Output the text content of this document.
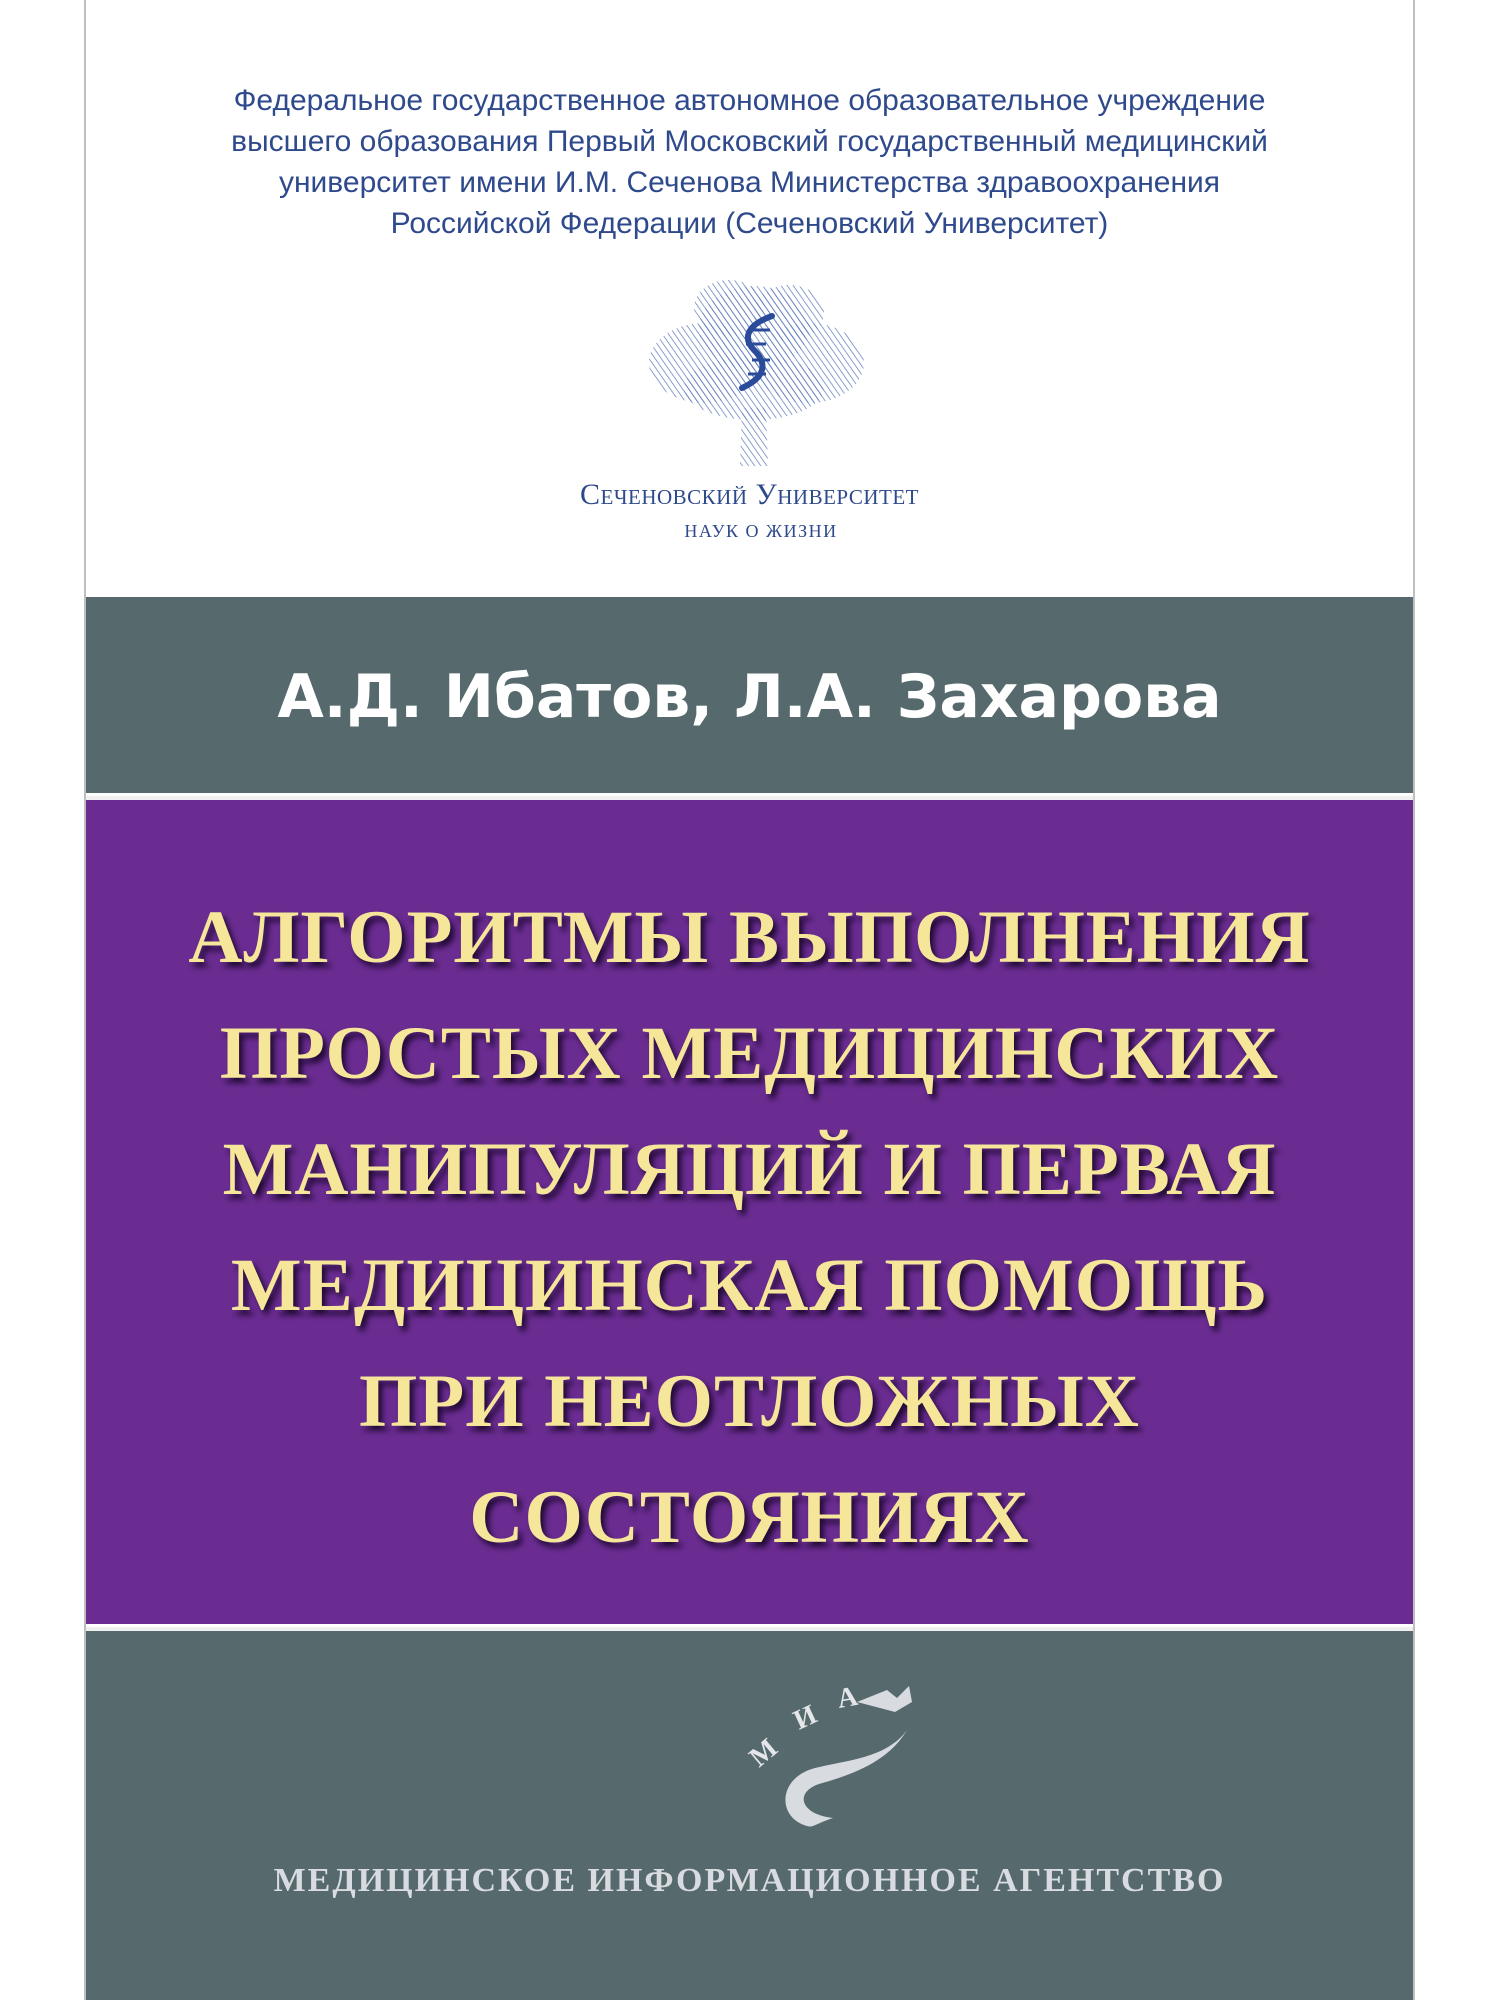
Федеральное государственное автономное образовательное учреждение
высшего образования Первый Московский государственный медицинский
университет имени И.М. Сеченова Министерства здравоохранения
Российской Федерации (Сеченовский Университет)
Сеченовский Университет
НАУК О ЖИЗНИ
А.Д. Ибатов, Л.А. Захарова
АЛГОРИТМЫ ВЫПОЛНЕНИЯ
ПРОСТЫХ МЕДИЦИНСКИХ
МАНИПУЛЯЦИЙ И ПЕРВАЯ
МЕДИЦИНСКАЯ ПОМОЩЬ
ПРИ НЕОТЛОЖНЫХ
СОСТОЯНИЯХ
М
И
А
МЕДИЦИНСКОЕ ИНФОРМАЦИОННОЕ АГЕНТСТВО
